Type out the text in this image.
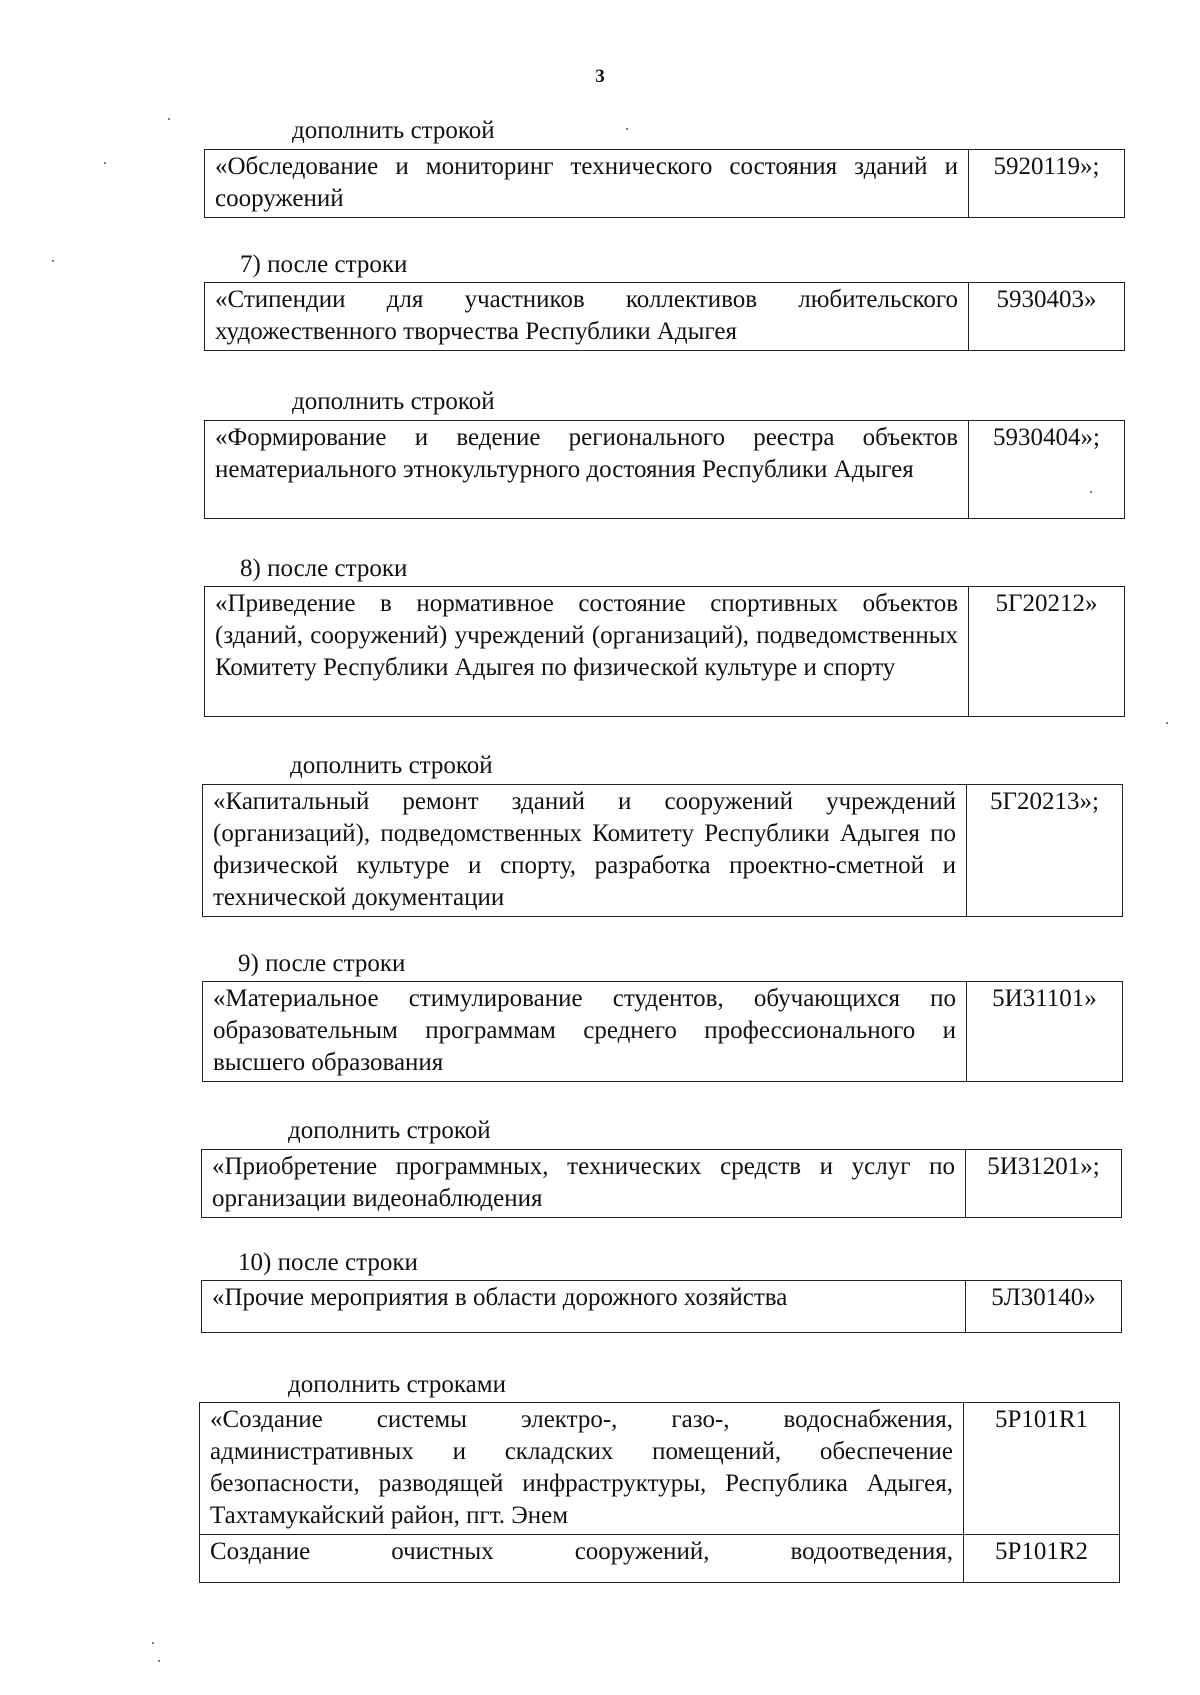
3
дополнить строкой
«Обследование и мониторинг технического состояния зданий и сооружений	5920119»;
7) после строки
«Стипендии для участников коллективов любительского художественного творчества Республики Адыгея	5930403»
дополнить строкой
«Формирование и ведение регионального реестра объектов нематериального этнокультурного достояния Республики Адыгея	5930404»;
8) после строки
«Приведение в нормативное состояние спортивных объектов (зданий, сооружений) учреждений (организаций), подведомственных Комитету Республики Адыгея по физической культуре и спорту	5Г20212»
дополнить строкой
«Капитальный ремонт зданий и сооружений учреждений (организаций), подведомственных Комитету Республики Адыгея по физической культуре и спорту, разработка проектно-сметной и технической документации	5Г20213»;
9) после строки
«Материальное стимулирование студентов, обучающихся по образовательным программам среднего профессионального и высшего образования	5И31101»
дополнить строкой
«Приобретение программных, технических средств и услуг по организации видеонаблюдения	5И31201»;
10) после строки
«Прочие мероприятия в области дорожного хозяйства	5Л30140»
дополнить строками
«Создание системы электро-, газо-, водоснабжения, административных и складских помещений, обеспечение безопасности, разводящей инфраструктуры, Республика Адыгея, Тахтамукайский район, пгт. Энем	5P101R1
Создание очистных сооружений, водоотведения,	5P101R2
